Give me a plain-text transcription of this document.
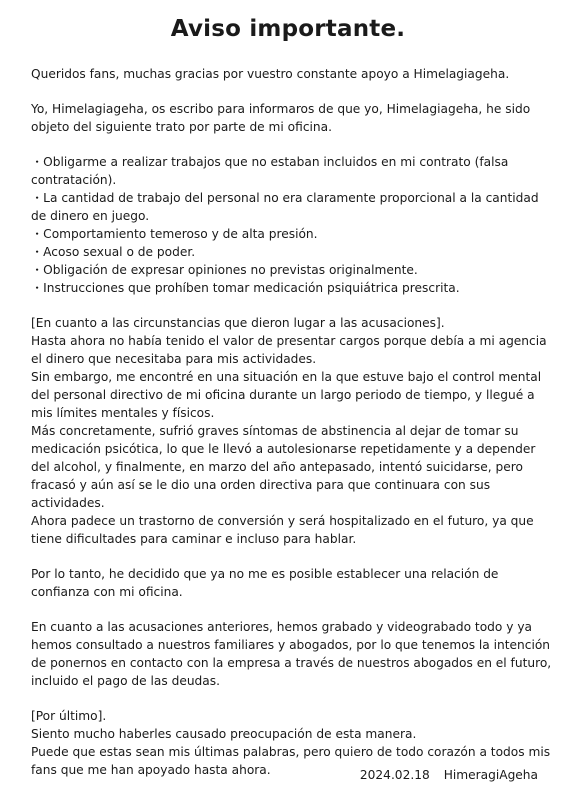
Aviso importante.

Queridos fans, muchas gracias por vuestro constante apoyo a Himelagiageha.

Yo, Himelagiageha, os escribo para informaros de que yo, Himelagiageha, he sido objeto del siguiente trato por parte de mi oficina.

・Obligarme a realizar trabajos que no estaban incluidos en mi contrato (falsa contratación).
・La cantidad de trabajo del personal no era claramente proporcional a la cantidad de dinero en juego.
・Comportamiento temeroso y de alta presión.
・Acoso sexual o de poder.
・Obligación de expresar opiniones no previstas originalmente.
・Instrucciones que prohíben tomar medicación psiquiátrica prescrita.
[En cuanto a las circunstancias que dieron lugar a las acusaciones].
Hasta ahora no había tenido el valor de presentar cargos porque debía a mi agencia el dinero que necesitaba para mis actividades.
Sin embargo, me encontré en una situación en la que estuve bajo el control mental del personal directivo de mi oficina durante un largo periodo de tiempo, y llegué a mis límites mentales y físicos.
Más concretamente, sufrió graves síntomas de abstinencia al dejar de tomar su medicación psicótica, lo que le llevó a autolesionarse repetidamente y a depender del alcohol, y finalmente, en marzo del año antepasado, intentó suicidarse, pero fracasó y aún así se le dio una orden directiva para que continuara con sus actividades.
Ahora padece un trastorno de conversión y será hospitalizado en el futuro, ya que tiene dificultades para caminar e incluso para hablar.

Por lo tanto, he decidido que ya no me es posible establecer una relación de confianza con mi oficina.

En cuanto a las acusaciones anteriores, hemos grabado y videograbado todo y ya hemos consultado a nuestros familiares y abogados, por lo que tenemos la intención de ponernos en contacto con la empresa a través de nuestros abogados en el futuro, incluido el pago de las deudas.

[Por último].
Siento mucho haberles causado preocupación de esta manera.
Puede que estas sean mis últimas palabras, pero quiero de todo corazón a todos mis fans que me han apoyado hasta ahora.	2024.02.18 HimeragiAgeha
